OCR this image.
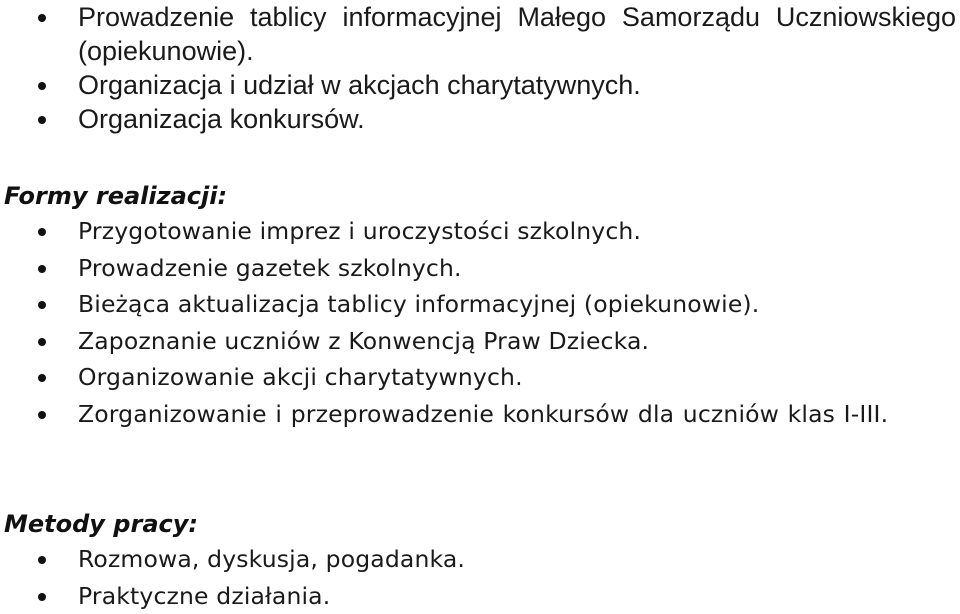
Prowadzenie tablicy informacyjnej Małego Samorządu Uczniowskiego (opiekunowie).
Organizacja i udział w akcjach charytatywnych.
Organizacja konkursów.
Formy realizacji:
Przygotowanie imprez i uroczystości szkolnych.
Prowadzenie gazetek szkolnych.
Bieżąca aktualizacja tablicy informacyjnej (opiekunowie).
Zapoznanie uczniów z Konwencją Praw Dziecka.
Organizowanie akcji charytatywnych.
Zorganizowanie i przeprowadzenie konkursów dla uczniów klas I-III.
Metody pracy:
Rozmowa, dyskusja, pogadanka.
Praktyczne działania.
